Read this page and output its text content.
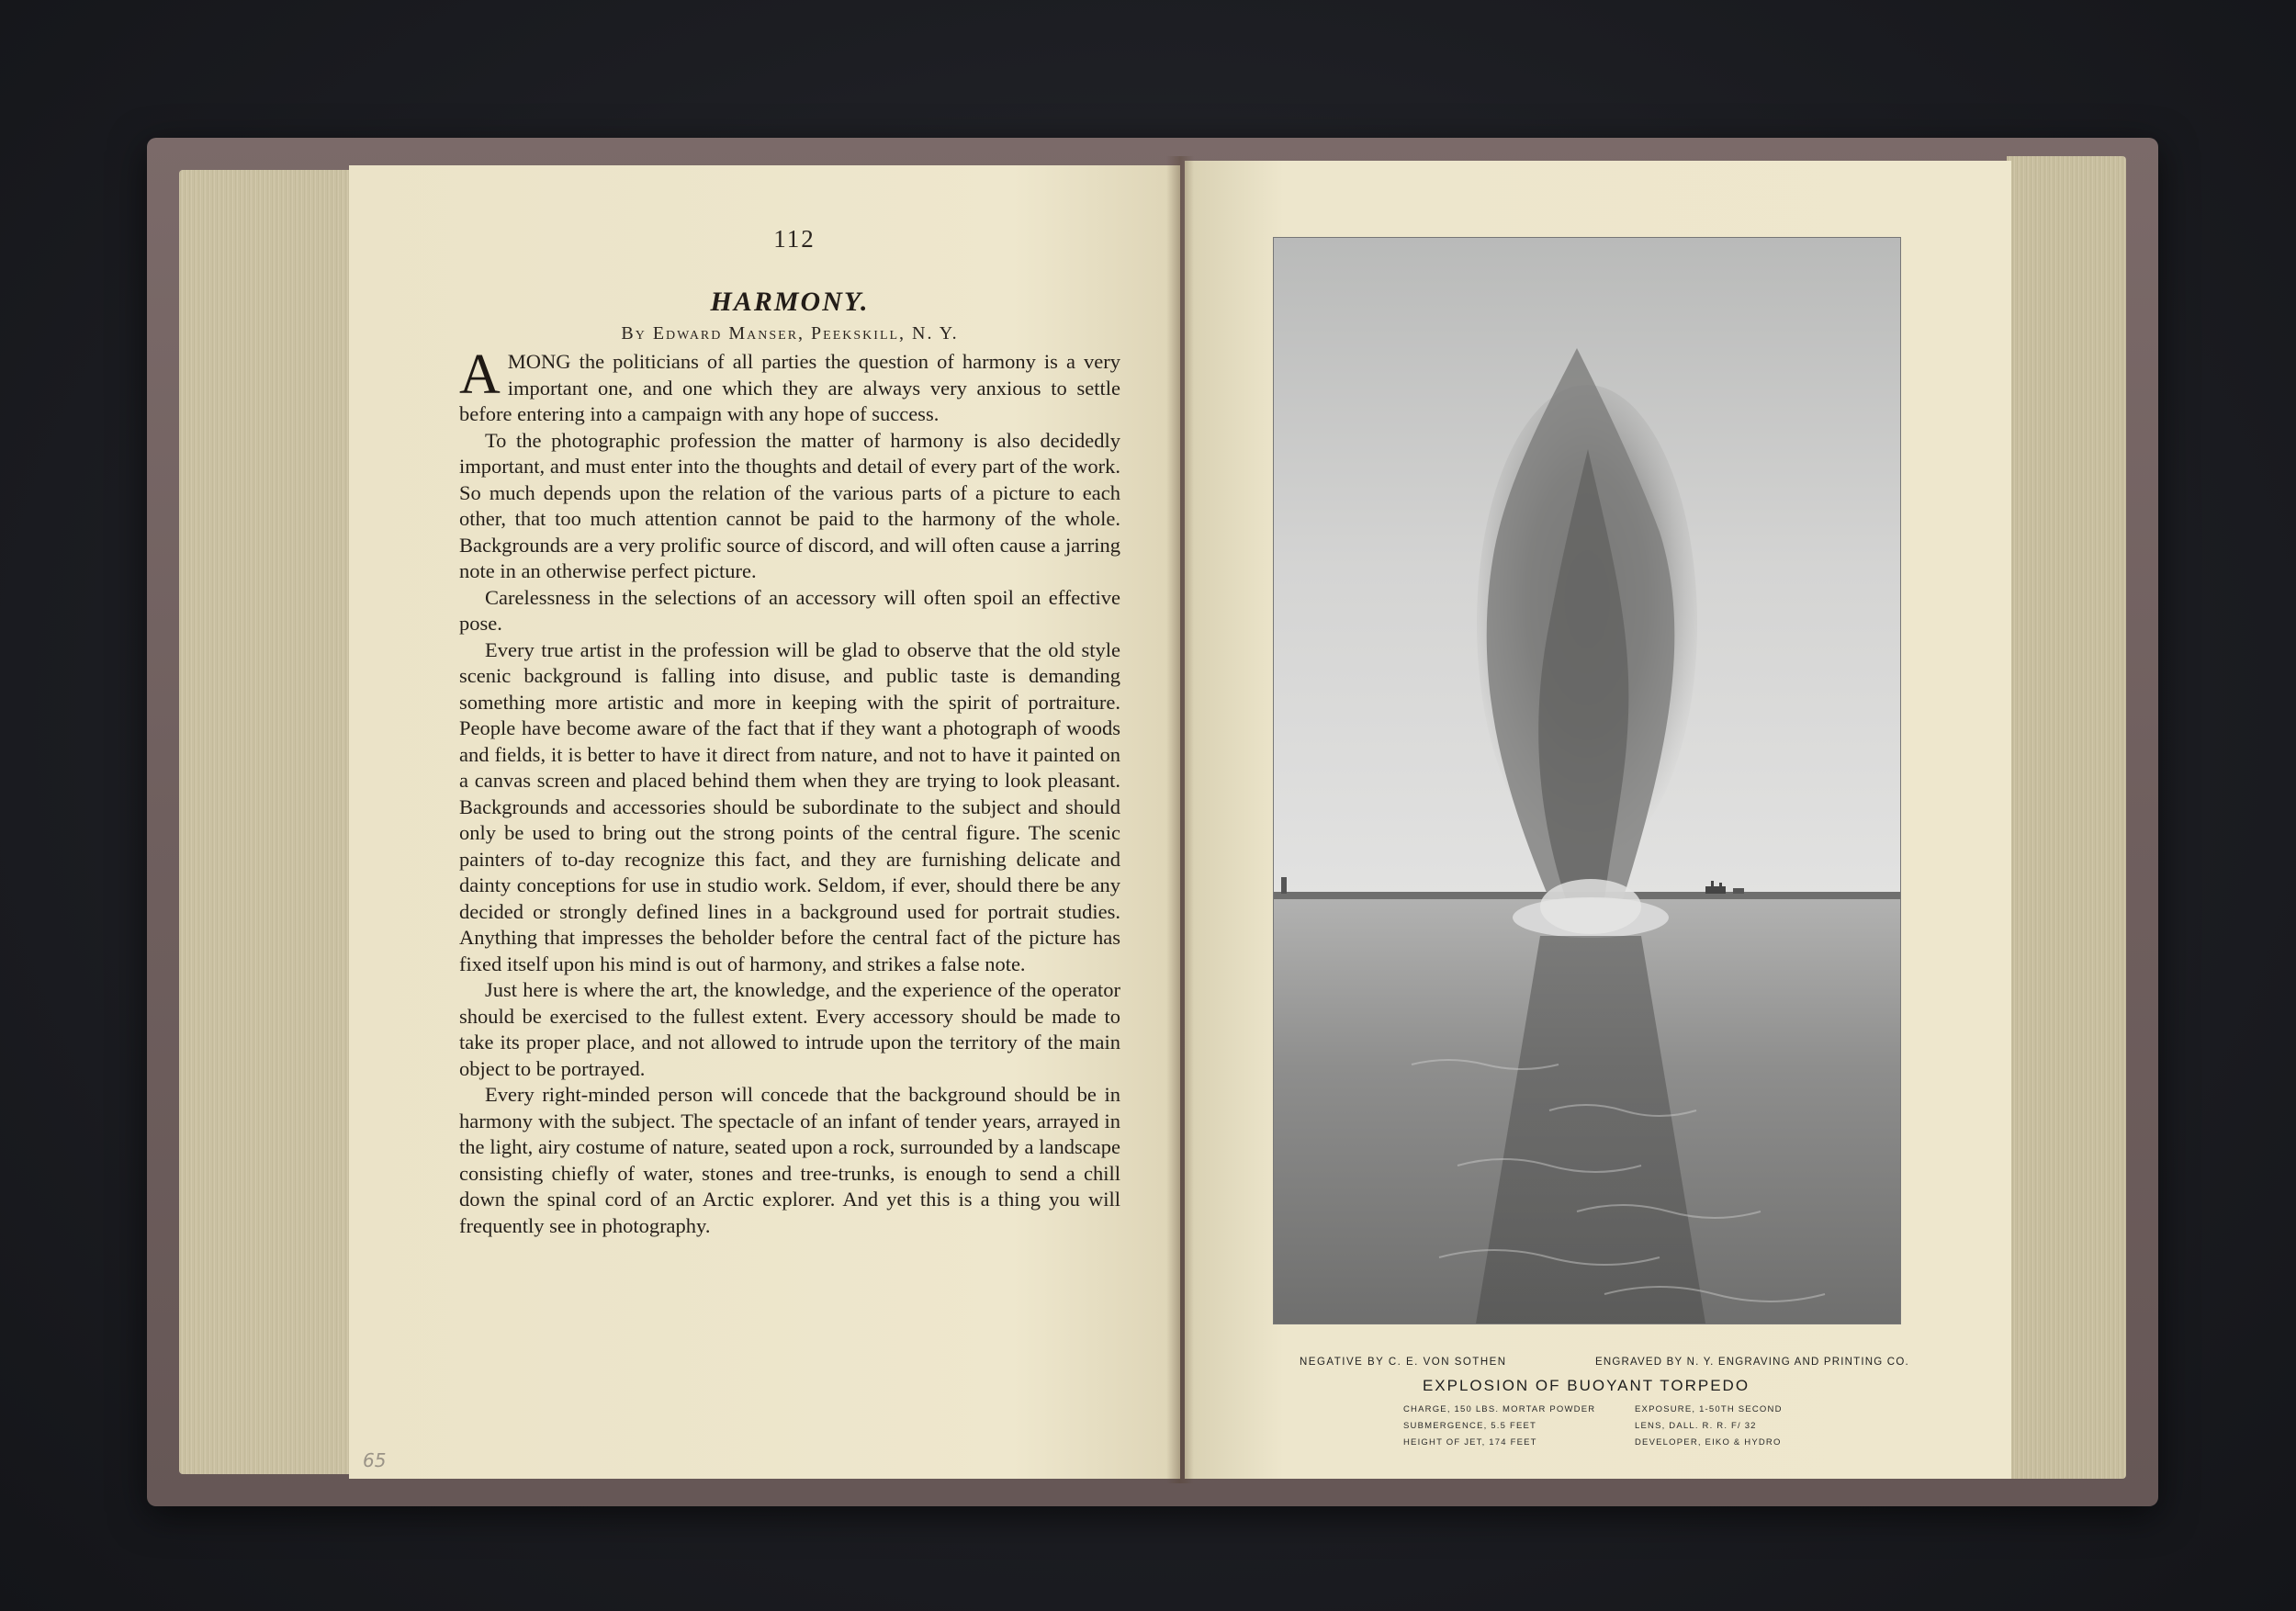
112
HARMONY.
By Edward Manser, Peekskill, N. Y.

AMONG the politicians of all parties the question of harmony is a very important one, and one which they are always very anxious to settle before entering into a campaign with any hope of success.

To the photographic profession the matter of harmony is also decidedly important, and must enter into the thoughts and detail of every part of the work. So much depends upon the relation of the various parts of a picture to each other, that too much attention cannot be paid to the harmony of the whole. Backgrounds are a very prolific source of discord, and will often cause a jarring note in an otherwise perfect picture.

Carelessness in the selections of an accessory will often spoil an effective pose.

Every true artist in the profession will be glad to observe that the old style scenic background is falling into disuse, and public taste is demanding something more artistic and more in keeping with the spirit of portraiture. People have become aware of the fact that if they want a photograph of woods and fields, it is better to have it direct from nature, and not to have it painted on a canvas screen and placed behind them when they are trying to look pleasant. Backgrounds and accessories should be subordinate to the subject and should only be used to bring out the strong points of the central figure. The scenic painters of to-day recognize this fact, and they are furnishing delicate and dainty conceptions for use in studio work. Seldom, if ever, should there be any decided or strongly defined lines in a background used for portrait studies. Anything that impresses the beholder before the central fact of the picture has fixed itself upon his mind is out of harmony, and strikes a false note.

Just here is where the art, the knowledge, and the experience of the operator should be exercised to the fullest extent. Every accessory should be made to take its proper place, and not allowed to intrude upon the territory of the main object to be portrayed.

Every right-minded person will concede that the background should be in harmony with the subject. The spectacle of an infant of tender years, arrayed in the light, airy costume of nature, seated upon a rock, surrounded by a landscape consisting chiefly of water, stones and tree-trunks, is enough to send a chill down the spinal cord of an Arctic explorer. And yet this is a thing you will frequently see in photography.

65
NEGATIVE BY C. E. VON SOTHEN	ENGRAVED BY N. Y. ENGRAVING AND PRINTING CO.
EXPLOSION OF BUOYANT TORPEDO
CHARGE, 150 LBS. MORTAR POWDER
SUBMERGENCE, 5.5 FEET
HEIGHT OF JET, 174 FEET
EXPOSURE, 1-50TH SECOND
LENS, DALL. R. R. F/ 32
DEVELOPER, EIKO & HYDRO
